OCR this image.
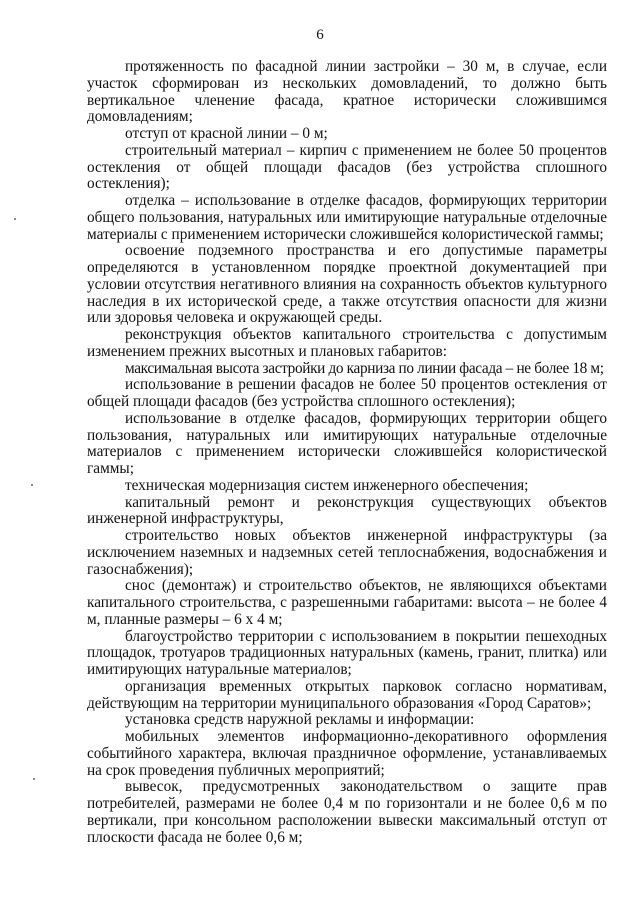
6

протяженность по фасадной линии застройки – 30 м, в случае, если участок сформирован из нескольких домовладений, то должно быть вертикальное членение фасада, кратное исторически сложившимся домовладениям;

отступ от красной линии – 0 м;

строительный материал – кирпич с применением не более 50 процентов остекления от общей площади фасадов (без устройства сплошного остекления);

отделка – использование в отделке фасадов, формирующих территории общего пользования, натуральных или имитирующие натуральные отделочные материалы с применением исторически сложившейся колористической гаммы;

освоение подземного пространства и его допустимые параметры определяются в установленном порядке проектной документацией при условии отсутствия негативного влияния на сохранность объектов культурного наследия в их исторической среде, а также отсутствия опасности для жизни или здоровья человека и окружающей среды.

реконструкция объектов капитального строительства с допустимым изменением прежних высотных и плановых габаритов:

максимальная высота застройки до карниза по линии фасада – не более 18 м;

использование в решении фасадов не более 50 процентов остекления от общей площади фасадов (без устройства сплошного остекления);

использование в отделке фасадов, формирующих территории общего пользования, натуральных или имитирующих натуральные отделочные материалов с применением исторически сложившейся колористической гаммы;

техническая модернизация систем инженерного обеспечения;

капитальный ремонт и реконструкция существующих объектов инженерной инфраструктуры,

строительство новых объектов инженерной инфраструктуры (за исключением наземных и надземных сетей теплоснабжения, водоснабжения и газоснабжения);

снос (демонтаж) и строительство объектов, не являющихся объектами капитального строительства, с разрешенными габаритами: высота – не более 4 м, планные размеры – 6 х 4 м;

благоустройство территории с использованием в покрытии пешеходных площадок, тротуаров традиционных натуральных (камень, гранит, плитка) или имитирующих натуральные материалов;

организация временных открытых парковок согласно нормативам, действующим на территории муниципального образования «Город Саратов»;

установка средств наружной рекламы и информации:

мобильных элементов информационно-декоративного оформления событийного характера, включая праздничное оформление, устанавливаемых на срок проведения публичных мероприятий;

вывесок, предусмотренных законодательством о защите прав потребителей, размерами не более 0,4 м по горизонтали и не более 0,6 м по вертикали, при консольном расположении вывески максимальный отступ от плоскости фасада не более 0,6 м;
